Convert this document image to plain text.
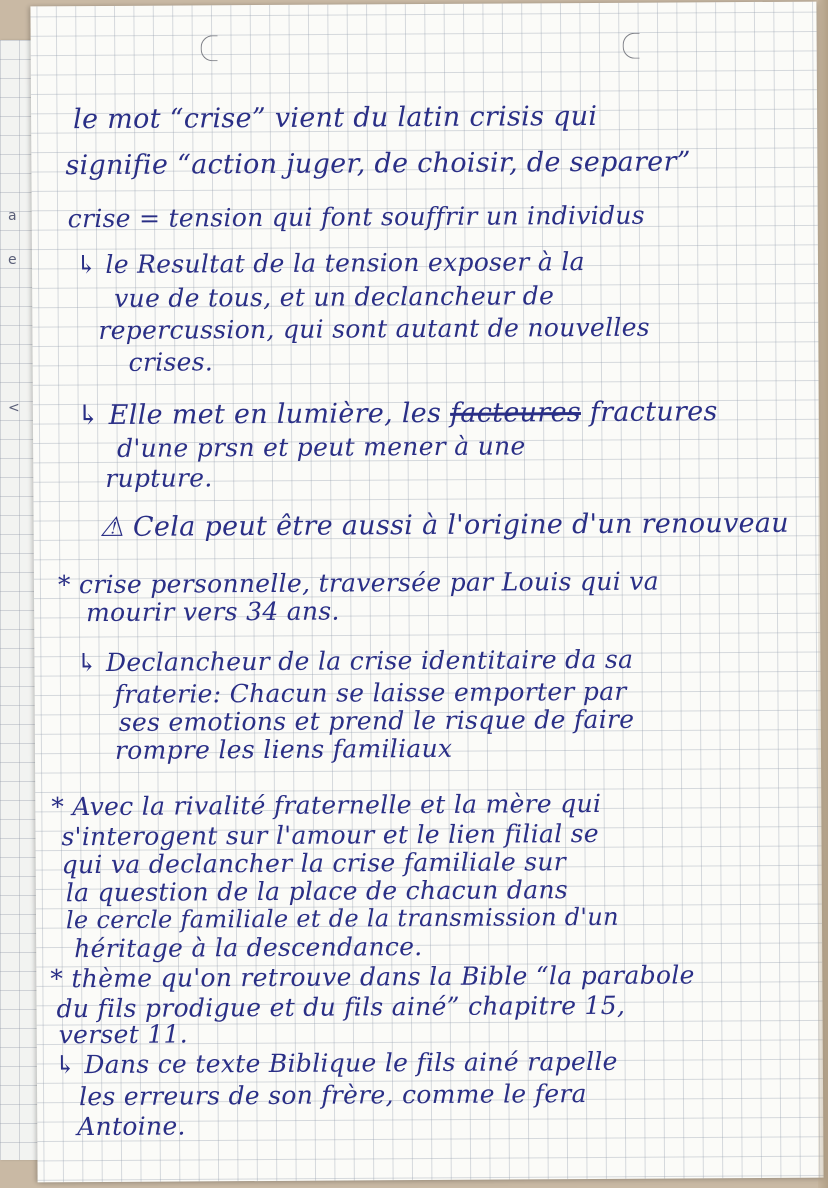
a
e
<
le mot “crise” vient du latin crisis qui
signifie “action juger, de choisir, de separer”
crise = tension qui font souffrir un individus
↳ le Resultat de la tension exposer à la
vue de tous, et un declancheur de
repercussion, qui sont autant de nouvelles
crises.
↳ Elle met en lumière, les facteures fractures
d'une prsn et peut mener à une
rupture.
⚠ Cela peut être aussi à l'origine d'un renouveau
* crise personnelle, traversée par Louis qui va
mourir vers 34 ans.
↳ Declancheur de la crise identitaire da sa
fraterie: Chacun se laisse emporter par
ses emotions et prend le risque de faire
rompre les liens familiaux
* Avec la rivalité fraternelle et la mère qui
s'interogent sur l'amour et le lien filial se
qui va declancher la crise familiale sur
la question de la place de chacun dans
le cercle familiale et de la transmission d'un
héritage à la descendance.
* thème qu'on retrouve dans la Bible “la parabole
du fils prodigue et du fils ainé” chapitre 15,
verset 11.
↳ Dans ce texte Biblique le fils ainé rapelle
les erreurs de son frère, comme le fera
Antoine.
